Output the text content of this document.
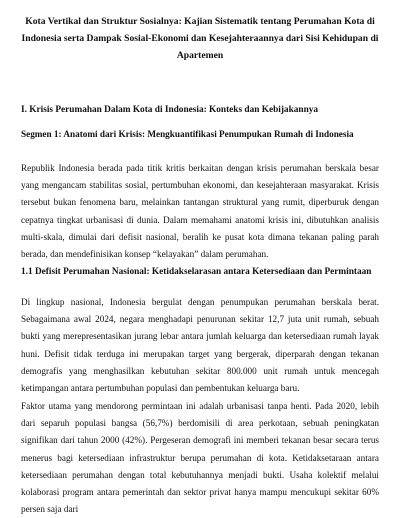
Kota Vertikal dan Struktur Sosialnya: Kajian Sistematik tentang Perumahan Kota di Indonesia serta Dampak Sosial-Ekonomi dan Kesejahteraannya dari Sisi Kehidupan di Apartemen
I. Krisis Perumahan Dalam Kota di Indonesia: Konteks dan Kebijakannya
Segmen 1: Anatomi dari Krisis: Mengkuantifikasi Penumpukan Rumah di Indonesia

Republik Indonesia berada pada titik kritis berkaitan dengan krisis perumahan berskala besar yang mengancam stabilitas sosial, pertumbuhan ekonomi, dan kesejahteraan masyarakat. Krisis tersebut bukan fenomena baru, melainkan tantangan struktural yang rumit, diperburuk dengan cepatnya tingkat urbanisasi di dunia. Dalam memahami anatomi krisis ini, dibutuhkan analisis multi-skala, dimulai dari defisit nasional, beralih ke pusat kota dimana tekanan paling parah berada, dan mendefinisikan konsep “kelayakan” dalam perumahan.

1.1 Defisit Perumahan Nasional: Ketidakselarasan antara Ketersediaan dan Permintaan

Di lingkup nasional, Indonesia bergulat dengan penumpukan perumahan berskala berat. Sebagaimana awal 2024, negara menghadapi penurunan sekitar 12,7 juta unit rumah, sebuah bukti yang merepresentasikan jurang lebar antara jumlah keluarga dan ketersediaan rumah layak huni. Defisit tidak terduga ini merupakan target yang bergerak, diperparah dengan tekanan demografis yang menghasilkan kebutuhan sekitar 800.000 unit rumah untuk mencegah ketimpangan antara pertumbuhan populasi dan pembentukan keluarga baru.

Faktor utama yang mendorong permintaan ini adalah urbanisasi tanpa henti. Pada 2020, lebih dari separuh populasi bangsa (56,7%) berdomisili di area perkotaan, sebuah peningkatan signifikan dari tahun 2000 (42%). Pergeseran demografi ini memberi tekanan besar secara terus menerus bagi ketersediaan infrastruktur berupa perumahan di kota. Ketidaksetaraan antara ketersediaan perumahan dengan total kebutuhannya menjadi bukti. Usaha kolektif melalui kolaborasi program antara pemerintah dan sektor privat hanya mampu mencukupi sekitar 60% persen saja dari
